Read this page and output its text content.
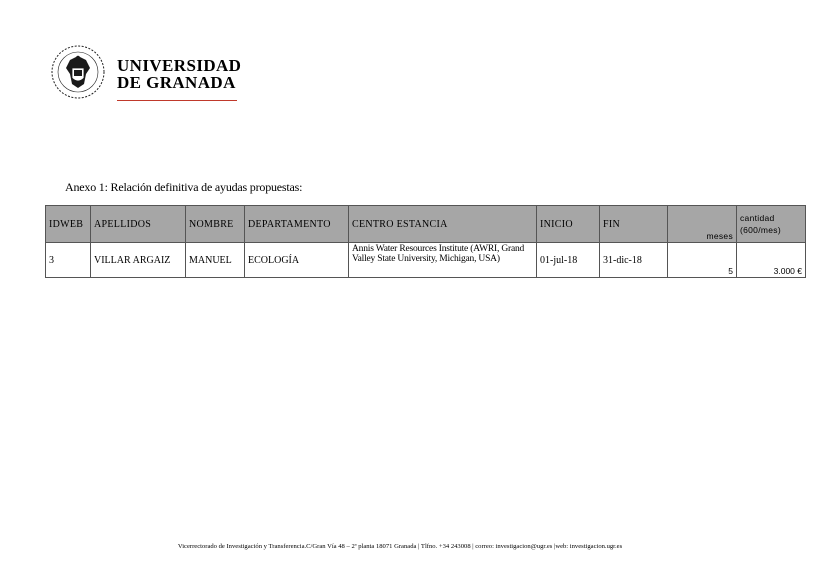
UNIVERSIDAD
DE GRANADA
Anexo 1: Relación definitiva de ayudas propuestas:
IDWEB	APELLIDOS	NOMBRE	DEPARTAMENTO	CENTRO ESTANCIA	INICIO	FIN	meses	cantidad (600/mes)
3	VILLAR ARGAIZ	MANUEL	ECOLOGÍA	Annis Water Resources Institute (AWRI, Grand Valley State University, Michigan, USA)	01-jul-18	31-dic-18	5	3.000 €
Vicerrectorado de Investigación y Transferencia.C/Gran Vía 48 – 2ª planta 18071 Granada | Tlfno. +34 243008 | correo: investigacion@ugr.es |web: investigacion.ugr.es
